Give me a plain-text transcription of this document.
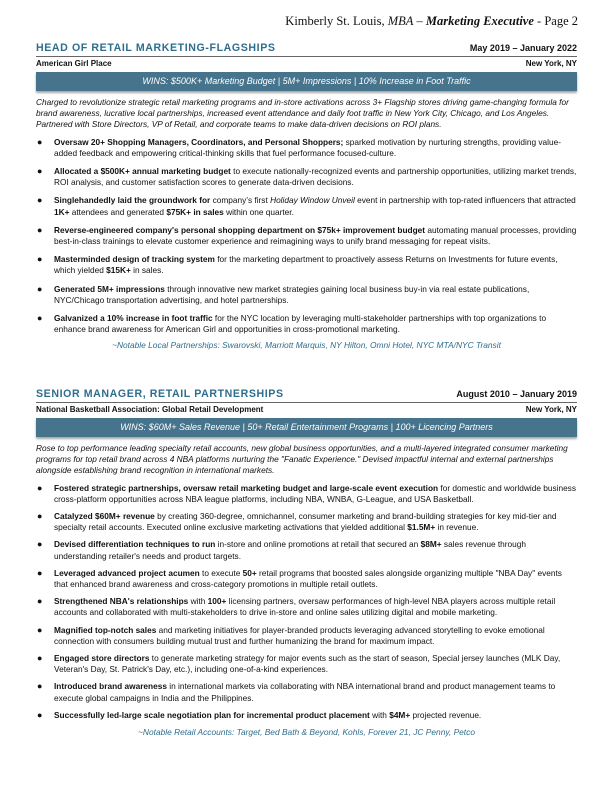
Kimberly St. Louis, MBA – Marketing Executive - Page 2
HEAD OF RETAIL MARKETING-FLAGSHIPS	May 2019 – January 2022
American Girl Place	New York, NY
WINS: $500K+ Marketing Budget | 5M+ Impressions | 10% Increase in Foot Traffic
Charged to revolutionize strategic retail marketing programs and in-store activations across 3+ Flagship stores driving game-changing formula for brand awareness, lucrative local partnerships, increased event attendance and daily foot traffic in New York City, Chicago, and Los Angeles. Partnered with Store Directors, VP of Retail, and corporate teams to make data-driven decisions on ROI plans.
● Oversaw 20+ Shopping Managers, Coordinators, and Personal Shoppers; sparked motivation by nurturing strengths, providing value-added feedback and empowering critical-thinking skills that fuel performance focused-culture.
● Allocated a $500K+ annual marketing budget to execute nationally-recognized events and partnership opportunities, utilizing market trends, ROI analysis, and customer satisfaction scores to generate data-driven decisions.
● Singlehandedly laid the groundwork for company’s first Holiday Window Unveil event in partnership with top-rated influencers that attracted 1K+ attendees and generated $75K+ in sales within one quarter.
● Reverse-engineered company's personal shopping department on $75k+ improvement budget automating manual processes, providing best-in-class trainings to elevate customer experience and reimagining ways to unify brand messaging for repeat visits.
● Masterminded design of tracking system for the marketing department to proactively assess Returns on Investments for future events, which yielded $15K+ in sales.
● Generated 5M+ impressions through innovative new market strategies gaining local business buy-in via real estate publications, NYC/Chicago transportation advertising, and hotel partnerships.
● Galvanized a 10% increase in foot traffic for the NYC location by leveraging multi-stakeholder partnerships with top organizations to enhance brand awareness for American Girl and opportunities in cross-promotional marketing.
~Notable Local Partnerships: Swarovski, Marriott Marquis, NY Hilton, Omni Hotel, NYC MTA/NYC Transit
SENIOR MANAGER, RETAIL PARTNERSHIPS	August 2010 – January 2019
National Basketball Association: Global Retail Development	New York, NY
WINS: $60M+ Sales Revenue | 50+ Retail Entertainment Programs | 100+ Licencing Partners
Rose to top performance leading specialty retail accounts, new global business opportunities, and a multi-layered integrated consumer marketing programs for top retail brand across 4 NBA platforms nurturing the "Fanatic Experience." Devised impactful internal and external partnerships alongside establishing brand recognition in international markets.
● Fostered strategic partnerships, oversaw retail marketing budget and large-scale event execution for domestic and worldwide business cross-platform opportunities across NBA league platforms, including NBA, WNBA, G-League, and USA Basketball.
● Catalyzed $60M+ revenue by creating 360-degree, omnichannel, consumer marketing and brand-building strategies for key mid-tier and specialty retail accounts. Executed online exclusive marketing activations that yielded additional $1.5M+ in revenue.
● Devised differentiation techniques to run in-store and online promotions at retail that secured an $8M+ sales revenue through understanding retailer's needs and product targets.
● Leveraged advanced project acumen to execute 50+ retail programs that boosted sales alongside organizing multiple "NBA Day" events that enhanced brand awareness and cross-category promotions in multiple retail outlets.
● Strengthened NBA's relationships with 100+ licensing partners, oversaw performances of high-level NBA players across multiple retail accounts and collaborated with multi-stakeholders to drive in-store and online sales utilizing digital and mobile marketing.
● Magnified top-notch sales and marketing initiatives for player-branded products leveraging advanced storytelling to evoke emotional connection with consumers building mutual trust and further humanizing the brand for maximum impact.
● Engaged store directors to generate marketing strategy for major events such as the start of season, Special jersey launches (MLK Day, Veteran's Day, St. Patrick's Day, etc.), including one-of-a-kind experiences.
● Introduced brand awareness in international markets via collaborating with NBA international brand and product management teams to execute global campaigns in India and the Philippines.
● Successfully led-large scale negotiation plan for incremental product placement with $4M+ projected revenue.
~Notable Retail Accounts: Target, Bed Bath & Beyond, Kohls, Forever 21, JC Penny, Petco
